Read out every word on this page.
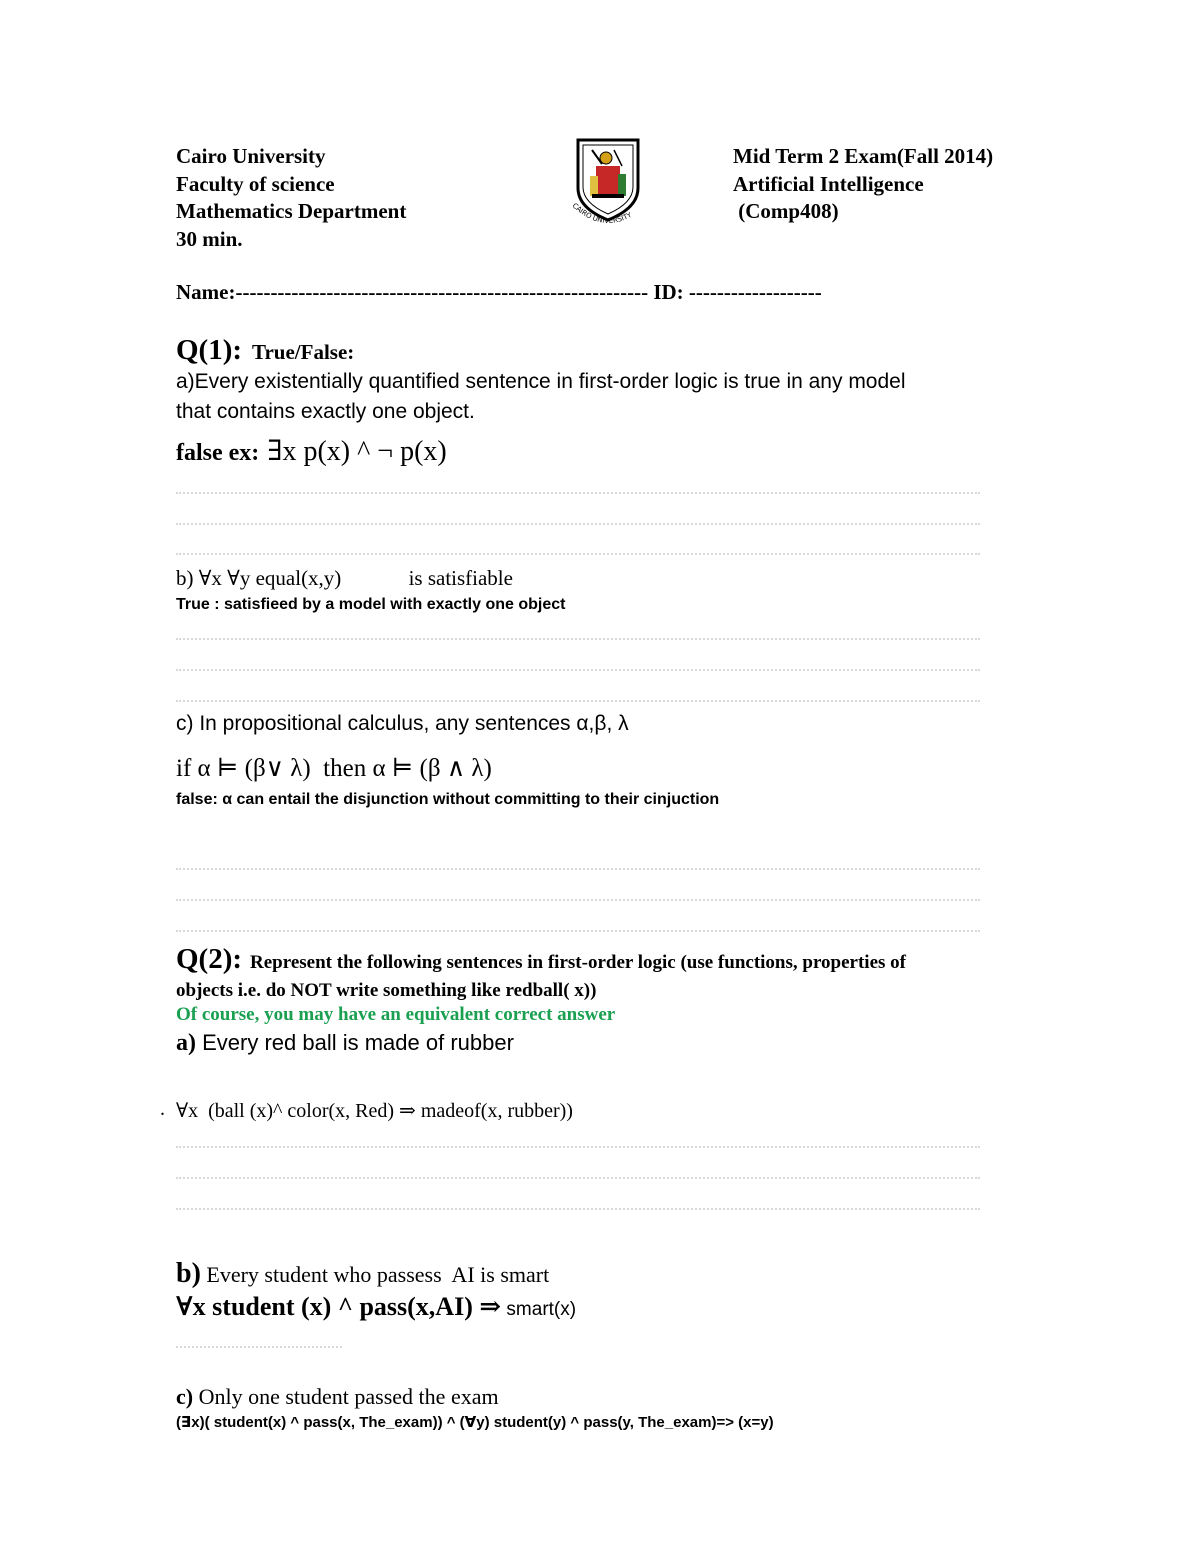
Cairo University
Faculty of science
Mathematics Department
30 min.
CAIRO UNIVERSITY
Mid Term 2 Exam(Fall 2014)
Artificial Intelligence
(Comp408)
Name:----------------------------------------------------------- ID: -------------------
Q(1): True/False:
a)Every existentially quantified sentence in first-order logic is true in any model
that contains exactly one object.
false ex: ∃x p(x) ^ ¬ p(x)
b) ∀x ∀y equal(x,y)	is satisfiable
True : satisfieed by a model with exactly one object
c) In propositional calculus, any sentences α,β, λ
if α ⊨ (β∨ λ)  then α ⊨ (β ∧ λ)
false: α can entail the disjunction without committing to their cinjuction
Q(2): Represent the following sentences in first-order logic (use functions, properties of
objects i.e. do NOT write something like redball( x))
Of course, you may have an equivalent correct answer
a) Every red ball is made of rubber
. ∀x  (ball (x)^ color(x, Red) ⇒ madeof(x, rubber))
b) Every student who passess  AI is smart
∀x student (x) ^ pass(x,AI) ⇒ smart(x)
c) Only one student passed the exam
(∃x)( student(x) ^ pass(x, The_exam)) ^ (∀y) student(y) ^ pass(y, The_exam)=> (x=y)
